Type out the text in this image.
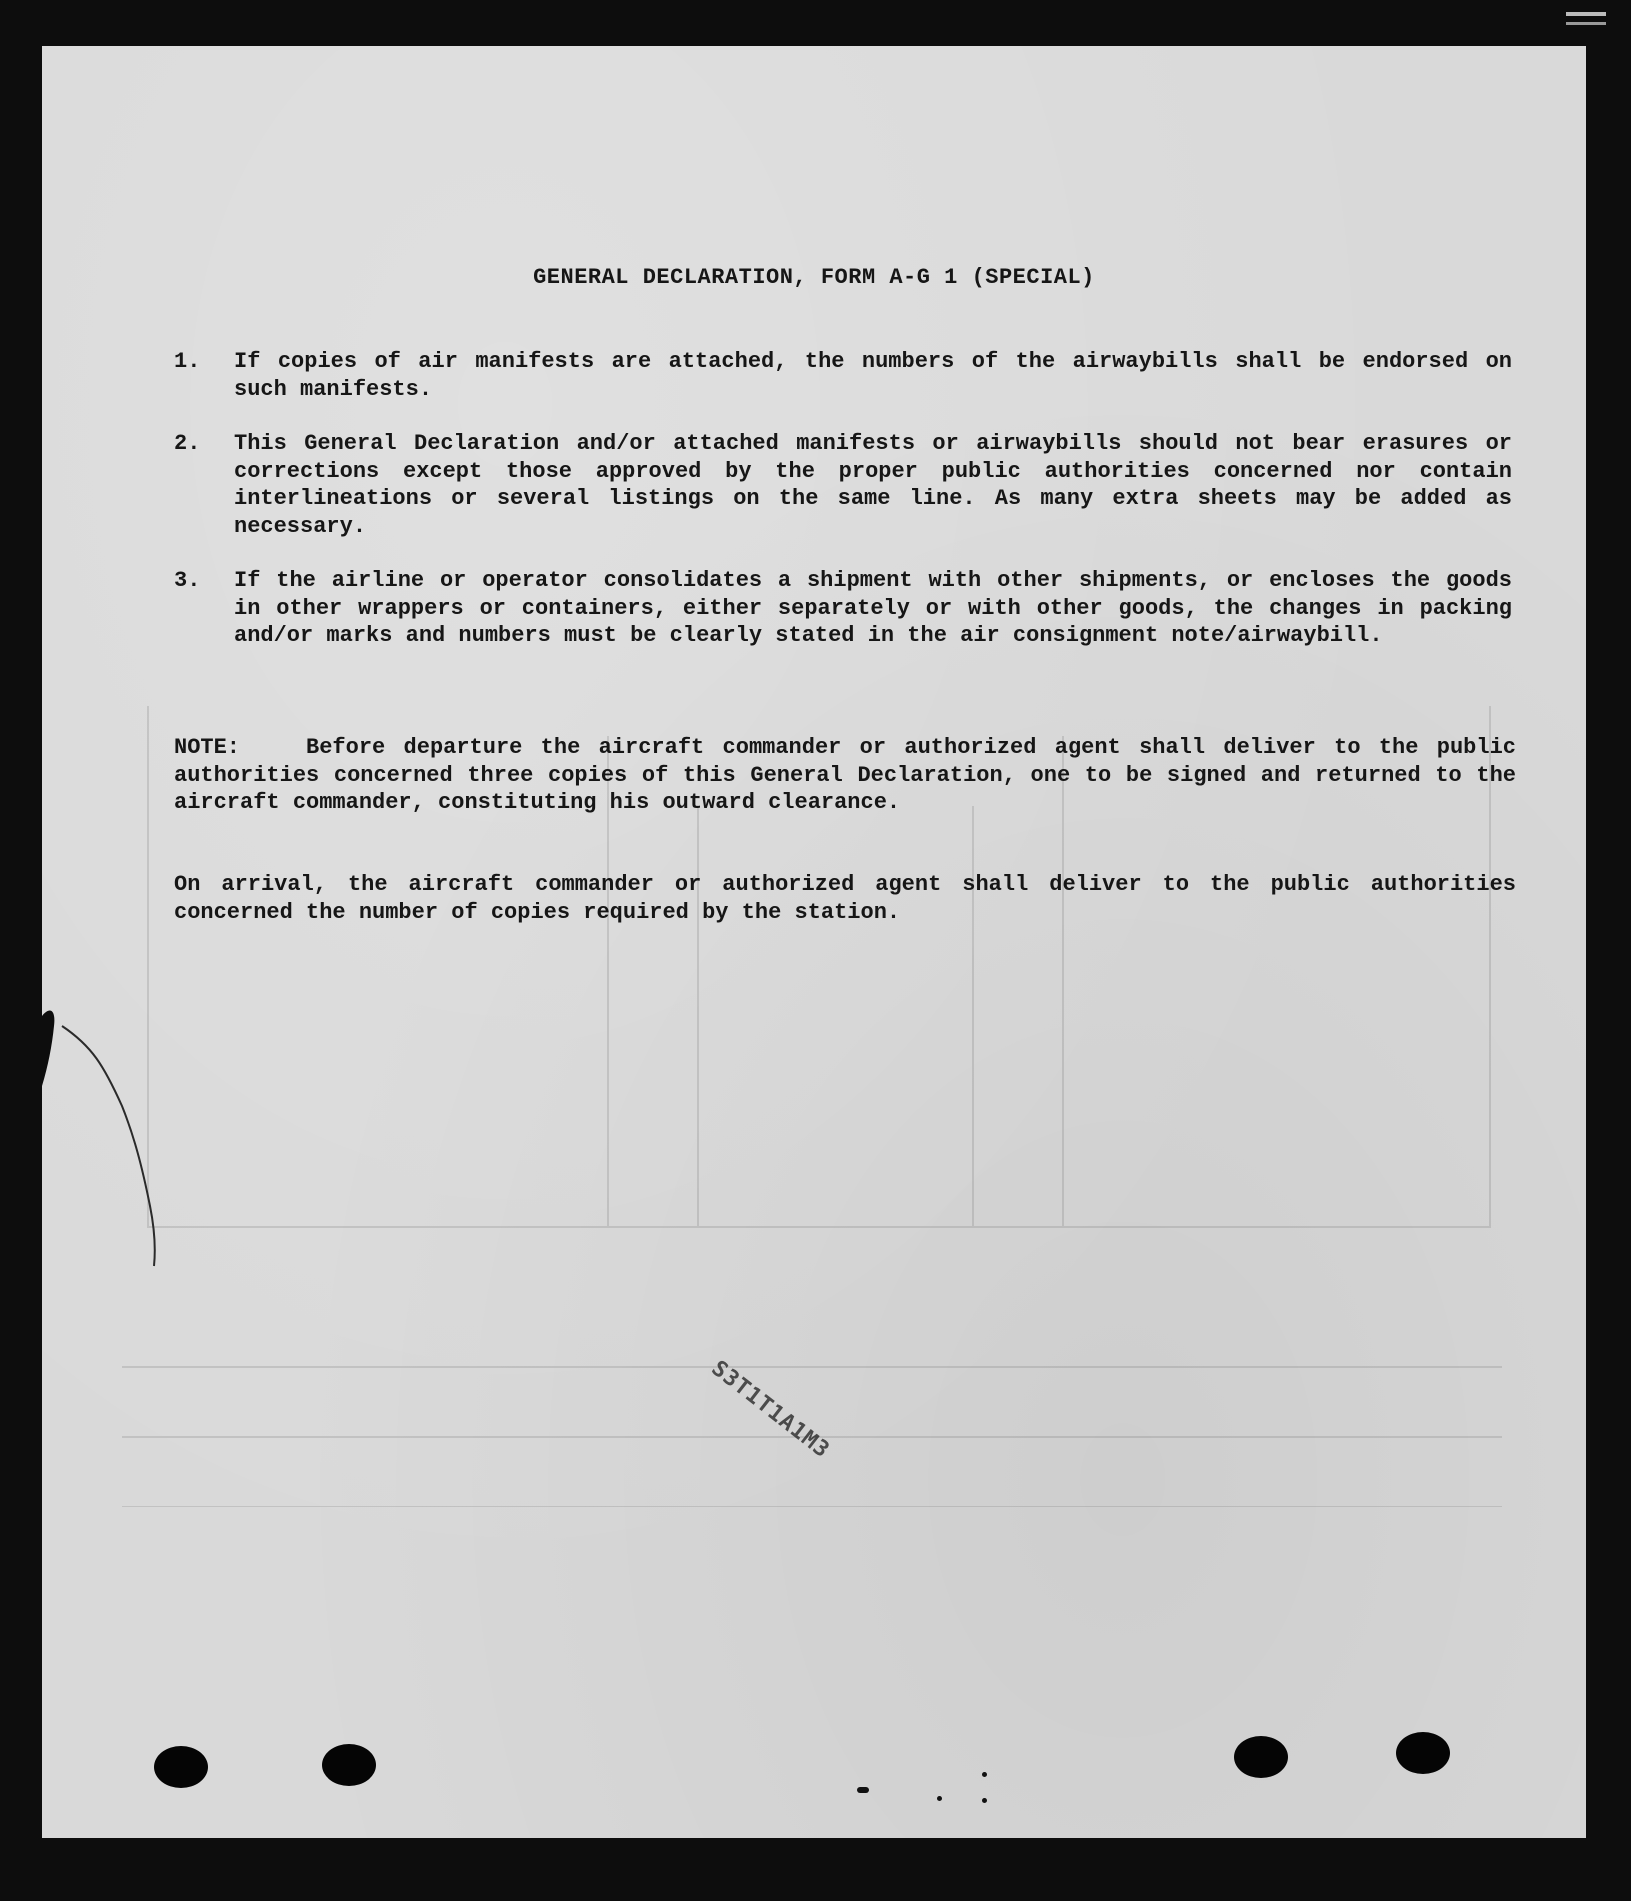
GENERAL DECLARATION, FORM A-G 1 (SPECIAL)
1.	If copies of air manifests are attached, the numbers of the airwaybills shall be endorsed on such manifests.
2.	This General Declaration and/or attached manifests or airwaybills should not bear erasures or corrections except those approved by the proper public authorities concerned nor contain interlineations or several listings on the same line. As many extra sheets may be added as necessary.
3.	If the airline or operator consolidates a shipment with other shipments, or encloses the goods in other wrappers or containers, either separately or with other goods, the changes in packing and/or marks and numbers must be clearly stated in the air consignment note/airwaybill.
NOTE:	Before departure the aircraft commander or authorized agent shall deliver to the public authorities concerned three copies of this General Declaration, one to be signed and returned to the aircraft commander, constituting his outward clearance.
On arrival, the aircraft commander or authorized agent shall deliver to the public authorities concerned the number of copies required by the station.
S3T1T1A1M3
